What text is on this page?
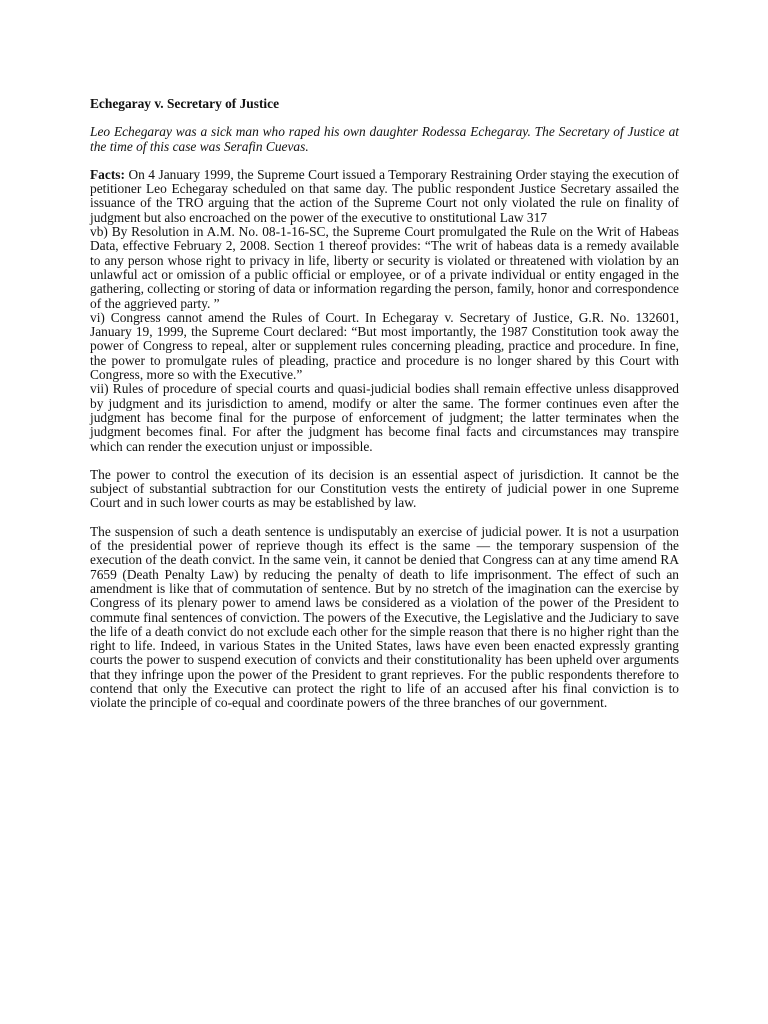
Echegaray v. Secretary of Justice
Leo Echegaray was a sick man who raped his own daughter Rodessa Echegaray. The Secretary of Justice at the time of this case was Serafin Cuevas.

Facts: On 4 January 1999, the Supreme Court issued a Temporary Restraining Order staying the execution of petitioner Leo Echegaray scheduled on that same day. The public respondent Justice Secretary assailed the issuance of the TRO arguing that the action of the Supreme Court not only violated the rule on finality of judgment but also encroached on the power of the executive to onstitutional Law 317

vb) By Resolution in A.M. No. 08-1-16-SC, the Supreme Court promulgated the Rule on the Writ of Habeas Data, effective February 2, 2008. Section 1 thereof provides: “The writ of habeas data is a remedy available to any person whose right to privacy in life, liberty or security is violated or threatened with violation by an unlawful act or omission of a public official or employee, or of a private individual or entity engaged in the gathering, collecting or storing of data or information regarding the person, family, honor and correspondence of the aggrieved party. ”

vi) Congress cannot amend the Rules of Court. In Echegaray v. Secretary of Justice, G.R. No. 132601, January 19, 1999, the Supreme Court declared: “But most importantly, the 1987 Constitution took away the power of Congress to repeal, alter or supplement rules concerning pleading, practice and procedure. In fine, the power to promulgate rules of pleading, practice and procedure is no longer shared by this Court with Congress, more so with the Executive.”

vii) Rules of procedure of special courts and quasi-judicial bodies shall remain effective unless disapproved by judgment and its jurisdiction to amend, modify or alter the same. The former continues even after the judgment has become final for the purpose of enforcement of judgment; the latter terminates when the judgment becomes final. For after the judgment has become final facts and circumstances may transpire which can render the execution unjust or impossible.

The power to control the execution of its decision is an essential aspect of jurisdiction. It cannot be the subject of substantial subtraction for our Constitution vests the entirety of judicial power in one Supreme Court and in such lower courts as may be established by law.

The suspension of such a death sentence is undisputably an exercise of judicial power. It is not a usurpation of the presidential power of reprieve though its effect is the same — the temporary suspension of the execution of the death convict. In the same vein, it cannot be denied that Congress can at any time amend RA 7659 (Death Penalty Law) by reducing the penalty of death to life imprisonment. The effect of such an amendment is like that of commutation of sentence. But by no stretch of the imagination can the exercise by Congress of its plenary power to amend laws be considered as a violation of the power of the President to commute final sentences of conviction. The powers of the Executive, the Legislative and the Judiciary to save the life of a death convict do not exclude each other for the simple reason that there is no higher right than the right to life. Indeed, in various States in the United States, laws have even been enacted expressly granting courts the power to suspend execution of convicts and their constitutionality has been upheld over arguments that they infringe upon the power of the President to grant reprieves. For the public respondents therefore to contend that only the Executive can protect the right to life of an accused after his final conviction is to violate the principle of co-equal and coordinate powers of the three branches of our government.
